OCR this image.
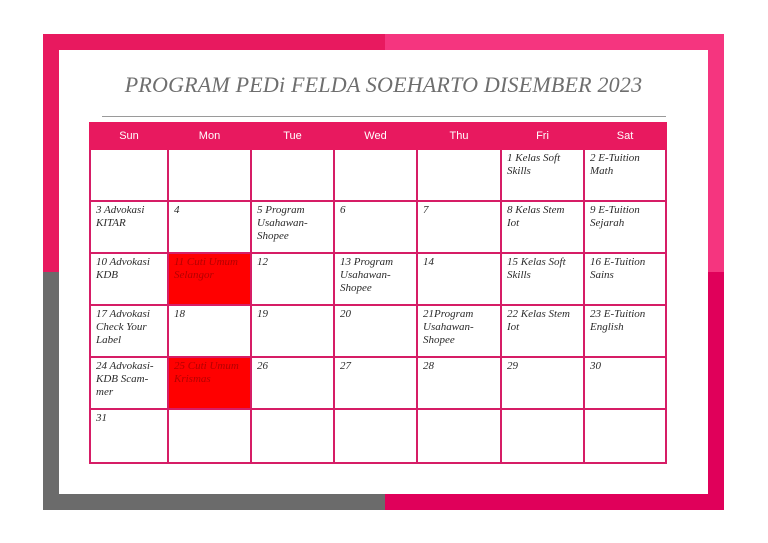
PROGRAM PEDi FELDA SOEHARTO DISEMBER 2023
Sun	Mon	Tue	Wed	Thu	Fri	Sat
					1 Kelas Soft Skills	2 E-Tuition Math
3 Advokasi KITAR	4	5 Program Usahawan-Shopee	6	7	8 Kelas Stem Iot	9 E-Tuition Sejarah
10 Advokasi KDB	11 Cuti Umum Selangor	12	13 Program Usahawan-Shopee	14	15 Kelas Soft Skills	16 E-Tuition Sains
17 Advokasi Check Your Label	18	19	20	21Program Usahawan-Shopee	22 Kelas Stem Iot	23 E-Tuition English
24 Advokasi-KDB Scam-mer	25 Cuti Umum Krismas	26	27	28	29	30
31						
